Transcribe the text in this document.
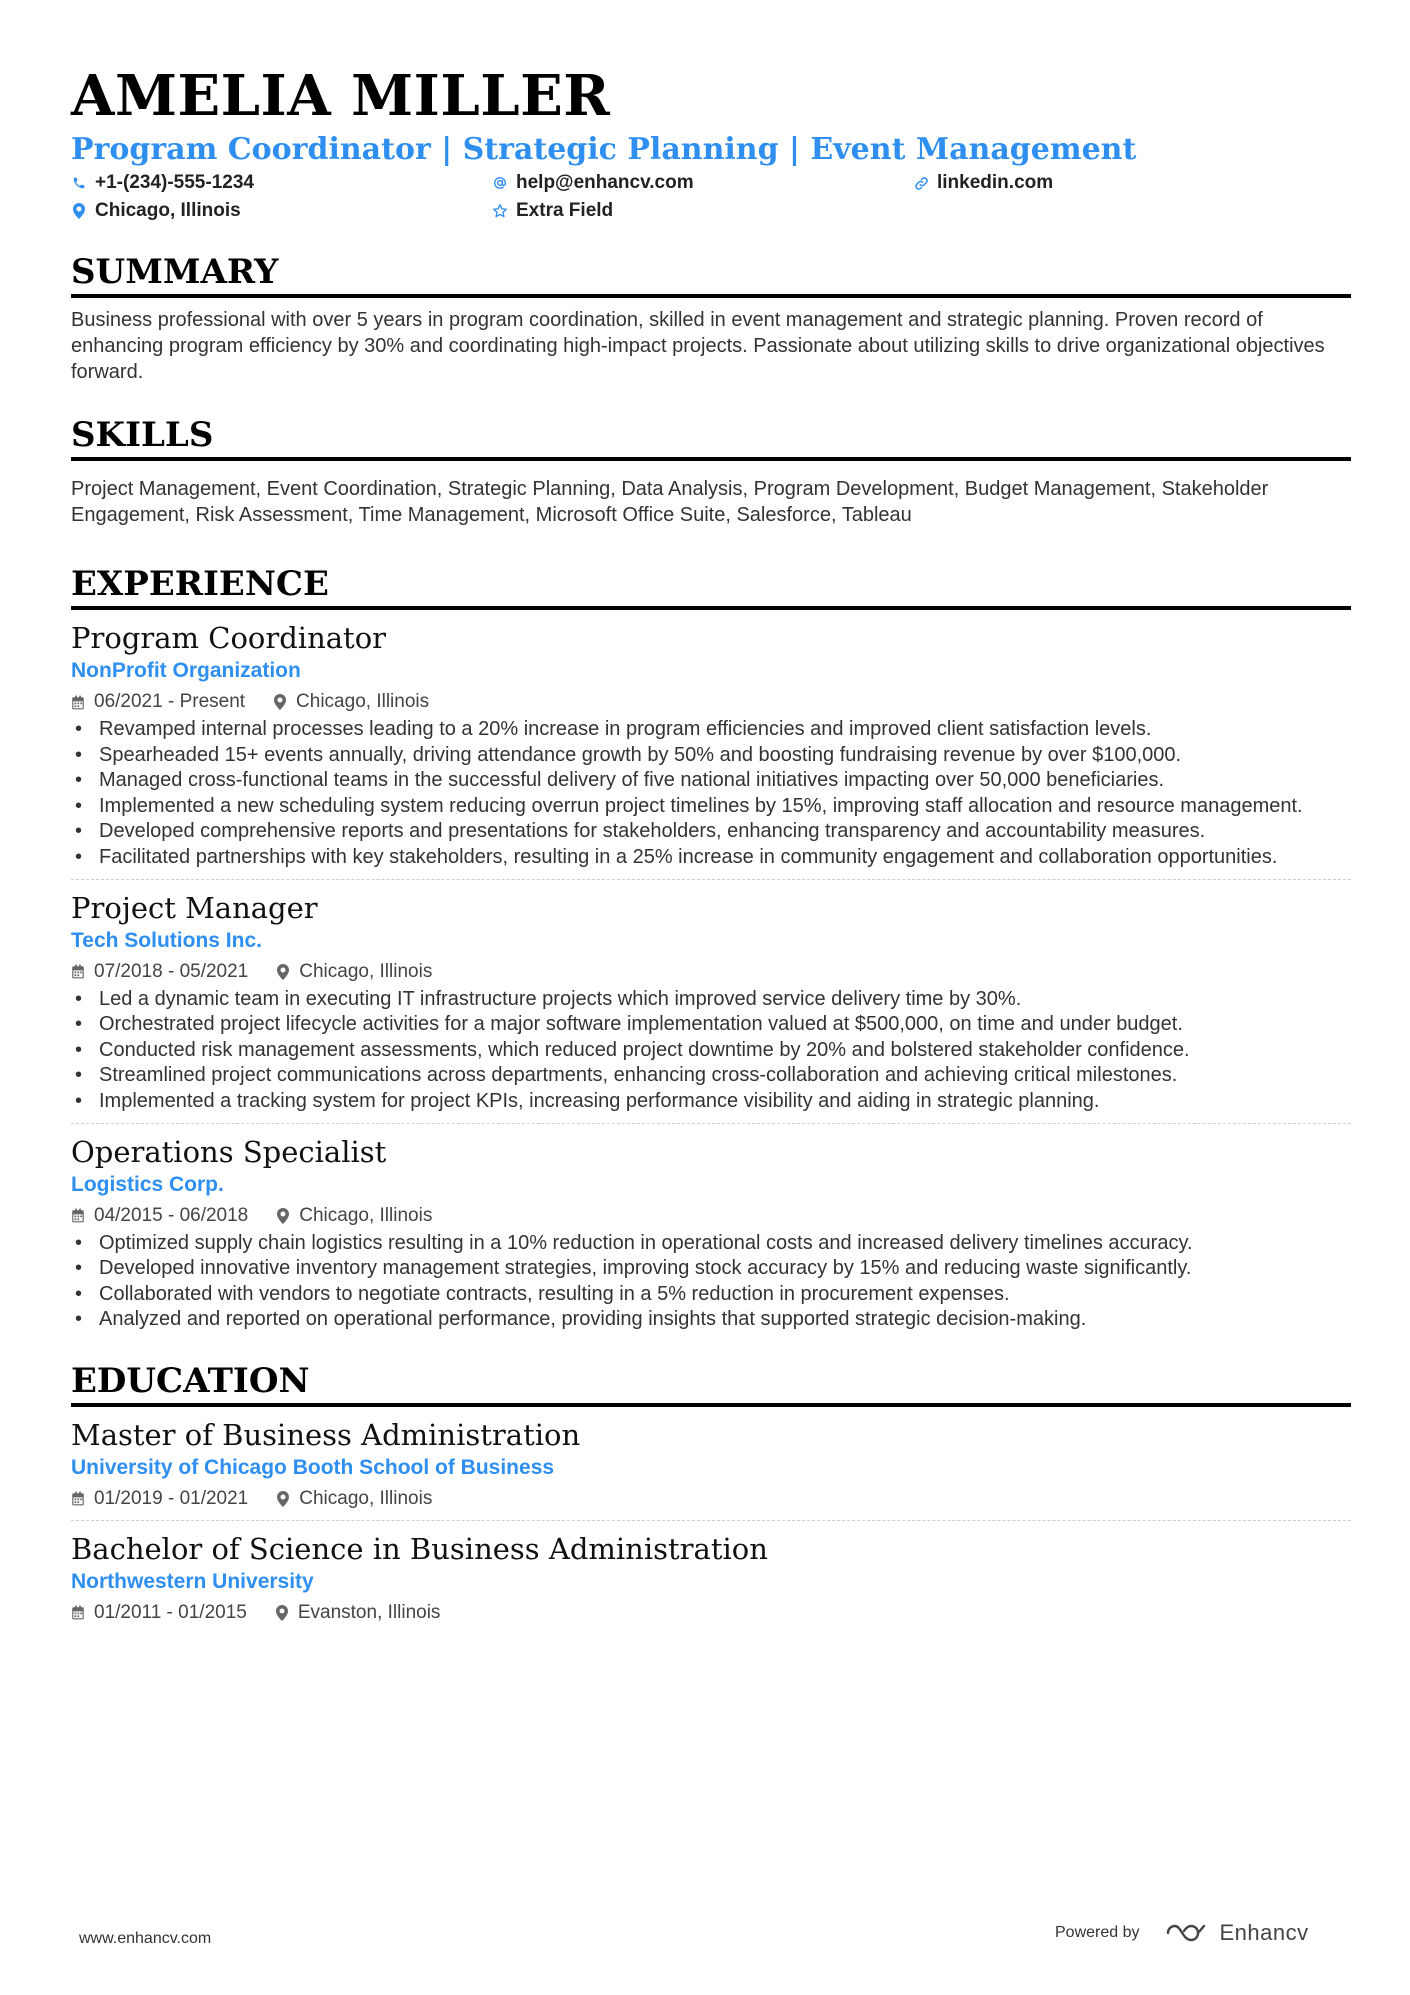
AMELIA MILLER
Program Coordinator | Strategic Planning | Event Management
+1-(234)-555-1234	help@enhancv.com	linkedin.com
Chicago, Illinois	Extra Field
SUMMARY

Business professional with over 5 years in program coordination, skilled in event management and strategic planning. Proven record of enhancing program efficiency by 30% and coordinating high-impact projects. Passionate about utilizing skills to drive organizational objectives forward.

SKILLS

Project Management, Event Coordination, Strategic Planning, Data Analysis, Program Development, Budget Management, Stakeholder Engagement, Risk Assessment, Time Management, Microsoft Office Suite, Salesforce, Tableau

EXPERIENCE
Program Coordinator
NonProfit Organization
06/2021 - Present	Chicago, Illinois
• Revamped internal processes leading to a 20% increase in program efficiencies and improved client satisfaction levels.
• Spearheaded 15+ events annually, driving attendance growth by 50% and boosting fundraising revenue by over $100,000.
• Managed cross-functional teams in the successful delivery of five national initiatives impacting over 50,000 beneficiaries.
• Implemented a new scheduling system reducing overrun project timelines by 15%, improving staff allocation and resource management.
• Developed comprehensive reports and presentations for stakeholders, enhancing transparency and accountability measures.
• Facilitated partnerships with key stakeholders, resulting in a 25% increase in community engagement and collaboration opportunities.
Project Manager
Tech Solutions Inc.
07/2018 - 05/2021	Chicago, Illinois
• Led a dynamic team in executing IT infrastructure projects which improved service delivery time by 30%.
• Orchestrated project lifecycle activities for a major software implementation valued at $500,000, on time and under budget.
• Conducted risk management assessments, which reduced project downtime by 20% and bolstered stakeholder confidence.
• Streamlined project communications across departments, enhancing cross-collaboration and achieving critical milestones.
• Implemented a tracking system for project KPIs, increasing performance visibility and aiding in strategic planning.
Operations Specialist
Logistics Corp.
04/2015 - 06/2018	Chicago, Illinois
• Optimized supply chain logistics resulting in a 10% reduction in operational costs and increased delivery timelines accuracy.
• Developed innovative inventory management strategies, improving stock accuracy by 15% and reducing waste significantly.
• Collaborated with vendors to negotiate contracts, resulting in a 5% reduction in procurement expenses.
• Analyzed and reported on operational performance, providing insights that supported strategic decision-making.
EDUCATION
Master of Business Administration
University of Chicago Booth School of Business
01/2019 - 01/2021	Chicago, Illinois
Bachelor of Science in Business Administration
Northwestern University
01/2011 - 01/2015	Evanston, Illinois
www.enhancv.com	Powered by	Enhancv
